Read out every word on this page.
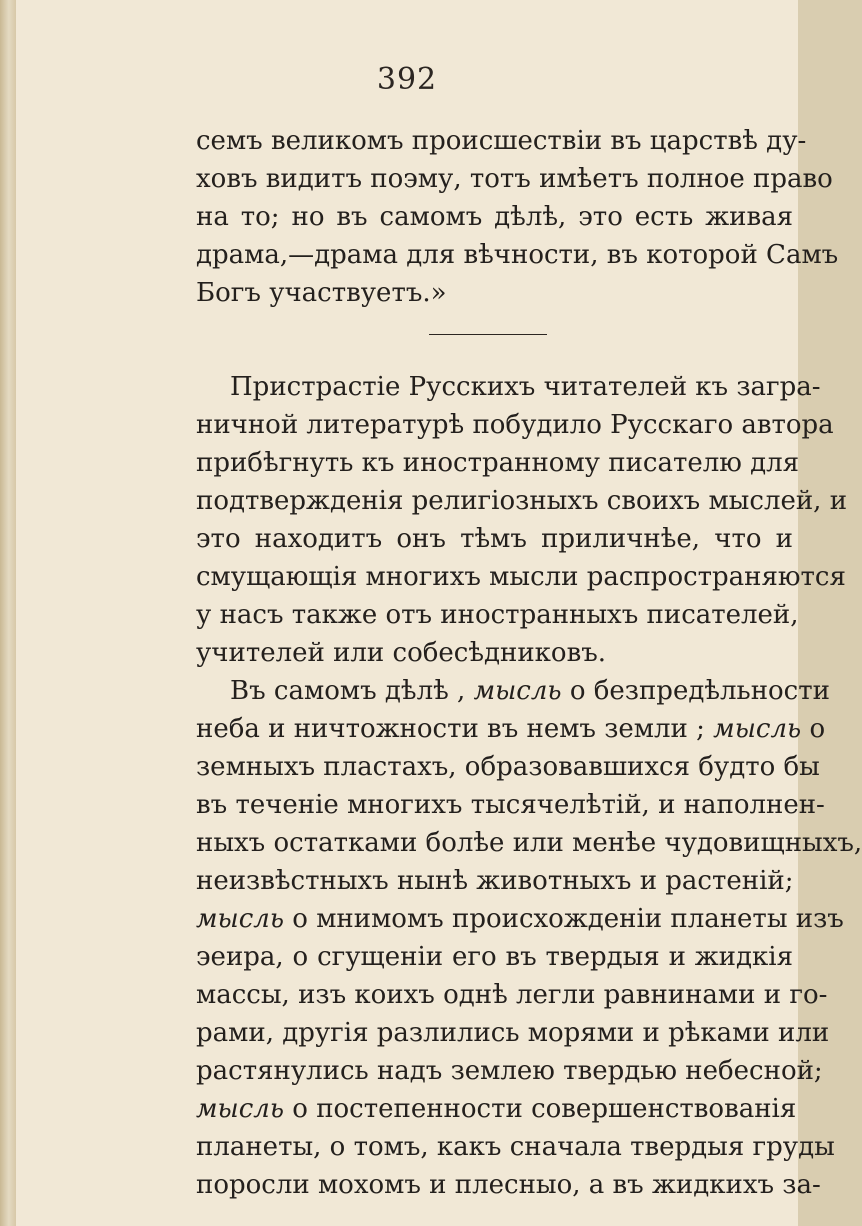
392
семъ великомъ происшествіи въ царствѣ ду-
ховъ видитъ поэму, тотъ имѣетъ полное право
на то; но въ самомъ дѣлѣ, это есть живая
драма,—драма для вѣчности, въ которой Самъ
Богъ участвуетъ.»
Пристрастіе Русскихъ читателей къ загра-
ничной литературѣ побудило Русскаго автора
прибѣгнуть къ иностранному писателю для
подтвержденія религіозныхъ своихъ мыслей, и
это находитъ онъ тѣмъ приличнѣе, что и
смущающія многихъ мысли распространяются
у насъ также отъ иностранныхъ писателей,
учителей или собесѣдниковъ.
Въ самомъ дѣлѣ , мысль о безпредѣльности
неба и ничтожности въ немъ земли ; мысль о
земныхъ пластахъ, образовавшихся будто бы
въ теченіе многихъ тысячелѣтій, и наполнен-
ныхъ остатками болѣе или менѣе чудовищныхъ,
неизвѣстныхъ нынѣ животныхъ и растеній;
мысль о мнимомъ происхожденіи планеты изъ
эеира, о сгущеніи его въ твердыя и жидкія
массы, изъ коихъ однѣ легли равнинами и го-
рами, другія разлились морями и рѣками или
растянулись надъ землею твердью небесной;
мысль о постепенности совершенствованія
планеты, о томъ, какъ сначала твердыя груды
поросли мохомъ и плесныо, а въ жидкихъ за-
